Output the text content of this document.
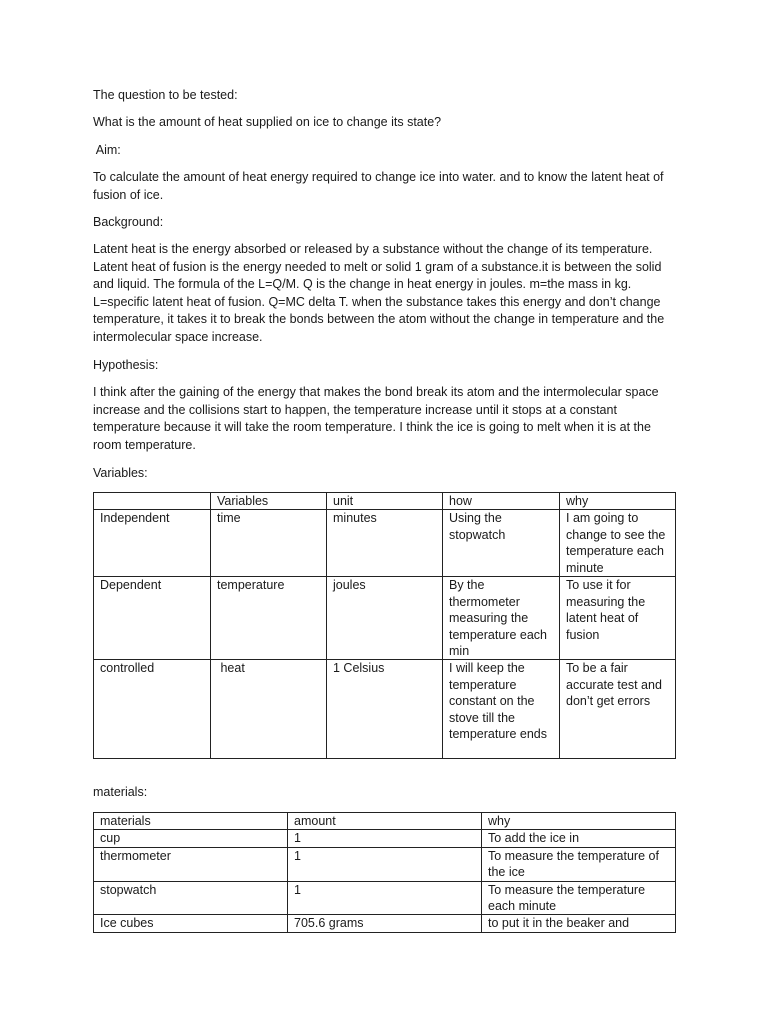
The question to be tested:

What is the amount of heat supplied on ice to change its state?

Aim:

To calculate the amount of heat energy required to change ice into water. and to know the latent heat of fusion of ice.

Background:

Latent heat is the energy absorbed or released by a substance without the change of its temperature. Latent heat of fusion is the energy needed to melt or solid 1 gram of a substance.it is between the solid and liquid. The formula of the L=Q/M. Q is the change in heat energy in joules. m=the mass in kg. L=specific latent heat of fusion. Q=MC delta T. when the substance takes this energy and don’t change temperature, it takes it to break the bonds between the atom without the change in temperature and the intermolecular space increase.

Hypothesis:

I think after the gaining of the energy that makes the bond break its atom and the intermolecular space increase and the collisions start to happen, the temperature increase until it stops at a constant temperature because it will take the room temperature. I think the ice is going to melt when it is at the room temperature.

Variables:

	Variables	unit	how	why
Independent	time	minutes	Using the stopwatch	I am going to change to see the temperature each minute
Dependent	temperature	joules	By the thermometer measuring the temperature each min	To use it for measuring the latent heat of fusion
controlled	heat	1 Celsius	I will keep the temperature constant on the stove till the temperature ends	To be a fair accurate test and don’t get errors

materials:

materials	amount	why
cup	1	To add the ice in
thermometer	1	To measure the temperature of the ice
stopwatch	1	To measure the temperature each minute
Ice cubes	705.6 grams	to put it in the beaker and
